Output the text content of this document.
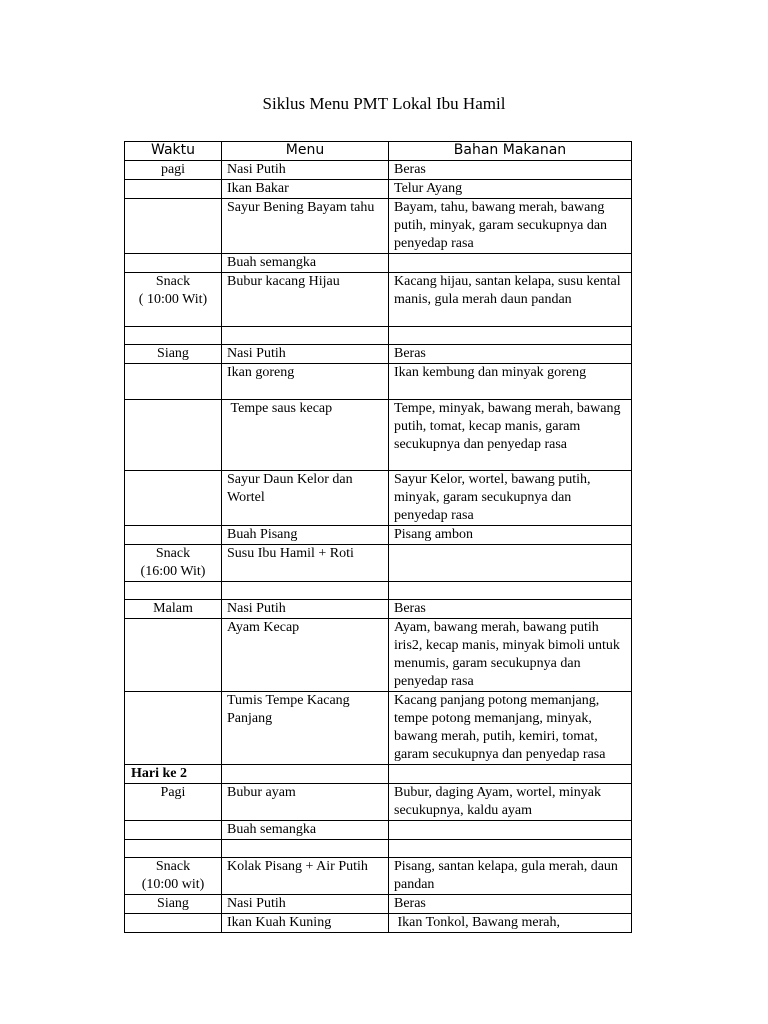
Siklus Menu PMT Lokal Ibu Hamil
Waktu	Menu	Bahan Makanan
pagi	Nasi Putih	Beras
	Ikan Bakar	Telur Ayang
	Sayur Bening Bayam tahu	Bayam, tahu, bawang merah, bawang putih, minyak, garam secukupnya dan penyedap rasa
	Buah semangka	
Snack
( 10:00 Wit)	Bubur kacang Hijau	Kacang hijau, santan kelapa, susu kental manis, gula merah daun pandan

Siang	Nasi Putih	Beras
	Ikan goreng	Ikan kembung dan minyak goreng
	Tempe saus kecap	Tempe, minyak, bawang merah, bawang putih, tomat, kecap manis, garam secukupnya dan penyedap rasa
	Sayur Daun Kelor dan Wortel	Sayur Kelor, wortel, bawang putih, minyak, garam secukupnya dan penyedap rasa
	Buah Pisang	Pisang ambon
Snack
(16:00 Wit)	Susu Ibu Hamil + Roti	

Malam	Nasi Putih	Beras
	Ayam Kecap	Ayam, bawang merah, bawang putih iris2, kecap manis, minyak bimoli untuk menumis, garam secukupnya dan penyedap rasa
	Tumis Tempe Kacang Panjang	Kacang panjang potong memanjang, tempe potong memanjang, minyak, bawang merah, putih, kemiri, tomat, garam secukupnya dan penyedap rasa
Hari ke 2		
Pagi	Bubur ayam	Bubur, daging Ayam, wortel, minyak secukupnya, kaldu ayam
	Buah semangka	

Snack
(10:00 wit)	Kolak Pisang + Air Putih	Pisang, santan kelapa, gula merah, daun pandan
Siang	Nasi Putih	Beras
	Ikan Kuah Kuning	Ikan Tonkol, Bawang merah,
